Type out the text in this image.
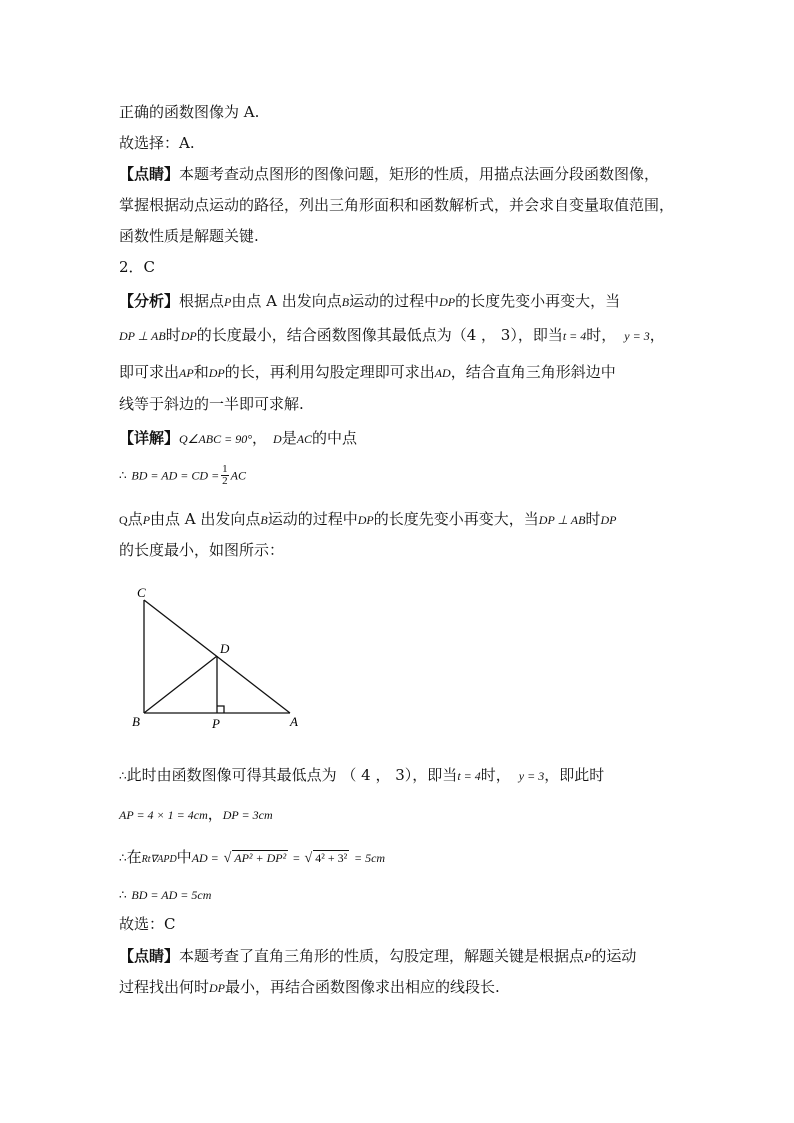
正确的函数图像为 A.
故选择：A.
【点睛】本题考查动点图形的图像问题，矩形的性质，用描点法画分段函数图像，
掌握根据动点运动的路径，列出三角形面积和函数解析式，并会求自变量取值范围，
函数性质是解题关键.
2．C
【分析】根据点P由点 A 出发向点B运动的过程中DP的长度先变小再变大，当
DP ⊥ AB时DP的长度最小，结合函数图像其最低点为（4 ， 3），即当t = 4时， y = 3，
即可求出AP和DP的长，再利用勾股定理即可求出AD，结合直角三角形斜边中
线等于斜边的一半即可求解.
【详解】Q∠ABC = 90°， D是AC的中点
∴ BD = AD = CD = $\frac{1}{2}$ AC
Q点P由点 A 出发向点B运动的过程中DP的长度先变小再变大，当DP ⊥ AB时DP
的长度最小，如图所示：
C
D
B	P	A
∴此时由函数图像可得其最低点为 （ 4 ， 3），即当t = 4时， y = 3，即此时
AP = 4 × 1 = 4cm，DP = 3cm
∴在Rt∇APD中AD = √ AP² + DP² = √ 4² + 3² = 5cm
∴ BD = AD = 5cm
故选：C
【点睛】本题考查了直角三角形的性质，勾股定理，解题关键是根据点P的运动
过程找出何时DP最小，再结合函数图像求出相应的线段长.
